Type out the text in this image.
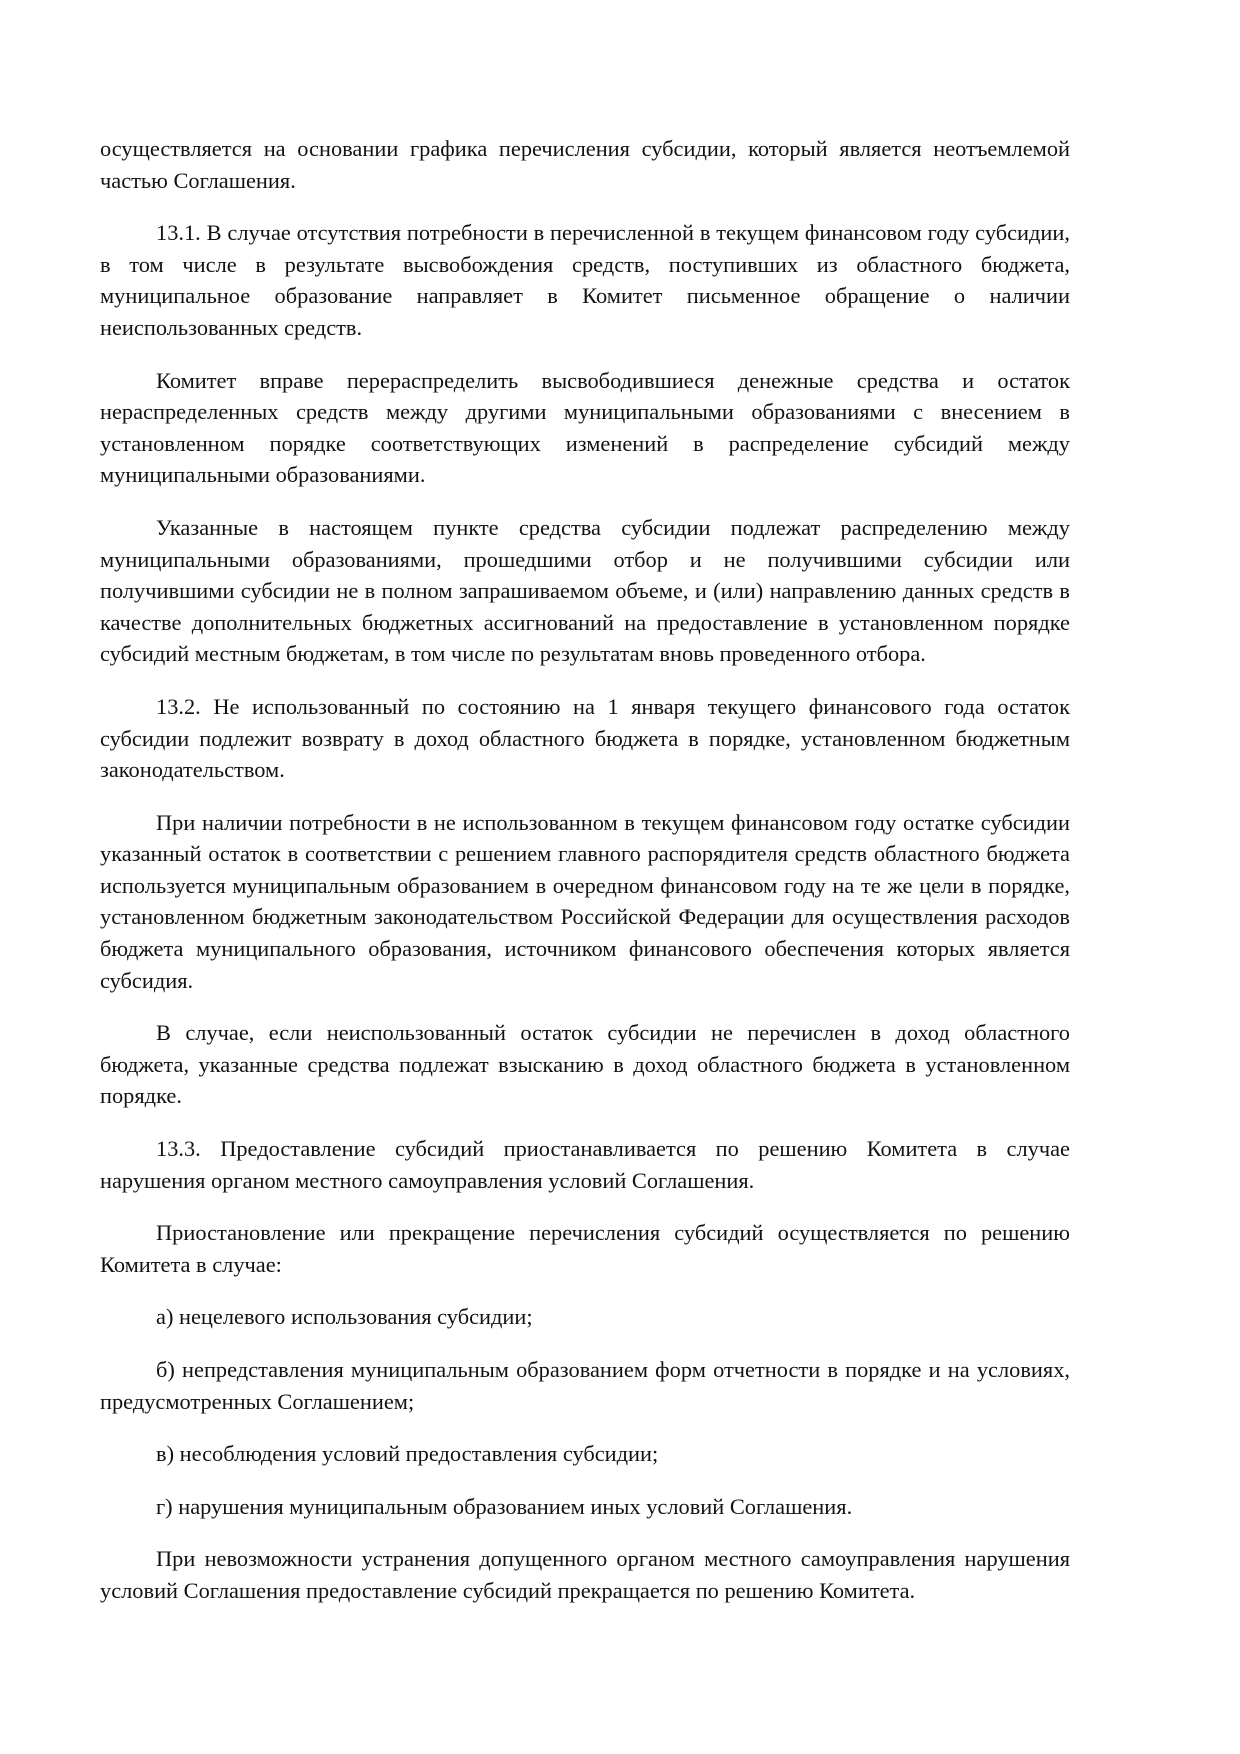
осуществляется на основании графика перечисления субсидии, который является неотъемлемой частью Соглашения.

13.1. В случае отсутствия потребности в перечисленной в текущем финансовом году субсидии, в том числе в результате высвобождения средств, поступивших из областного бюджета, муниципальное образование направляет в Комитет письменное обращение о наличии неиспользованных средств.

Комитет вправе перераспределить высвободившиеся денежные средства и остаток нераспределенных средств между другими муниципальными образованиями с внесением в установленном порядке соответствующих изменений в распределение субсидий между муниципальными образованиями.

Указанные в настоящем пункте средства субсидии подлежат распределению между муниципальными образованиями, прошедшими отбор и не получившими субсидии или получившими субсидии не в полном запрашиваемом объеме, и (или) направлению данных средств в качестве дополнительных бюджетных ассигнований на предоставление в установленном порядке субсидий местным бюджетам, в том числе по результатам вновь проведенного отбора.

13.2. Не использованный по состоянию на 1 января текущего финансового года остаток субсидии подлежит возврату в доход областного бюджета в порядке, установленном бюджетным законодательством.

При наличии потребности в не использованном в текущем финансовом году остатке субсидии указанный остаток в соответствии с решением главного распорядителя средств областного бюджета используется муниципальным образованием в очередном финансовом году на те же цели в порядке, установленном бюджетным законодательством Российской Федерации для осуществления расходов бюджета муниципального образования, источником финансового обеспечения которых является субсидия.

В случае, если неиспользованный остаток субсидии не перечислен в доход областного бюджета, указанные средства подлежат взысканию в доход областного бюджета в установленном порядке.

13.3. Предоставление субсидий приостанавливается по решению Комитета в случае нарушения органом местного самоуправления условий Соглашения.

Приостановление или прекращение перечисления субсидий осуществляется по решению Комитета в случае:

а) нецелевого использования субсидии;

б) непредставления муниципальным образованием форм отчетности в порядке и на условиях, предусмотренных Соглашением;

в) несоблюдения условий предоставления субсидии;

г) нарушения муниципальным образованием иных условий Соглашения.

При невозможности устранения допущенного органом местного самоуправления нарушения условий Соглашения предоставление субсидий прекращается по решению Комитета.
